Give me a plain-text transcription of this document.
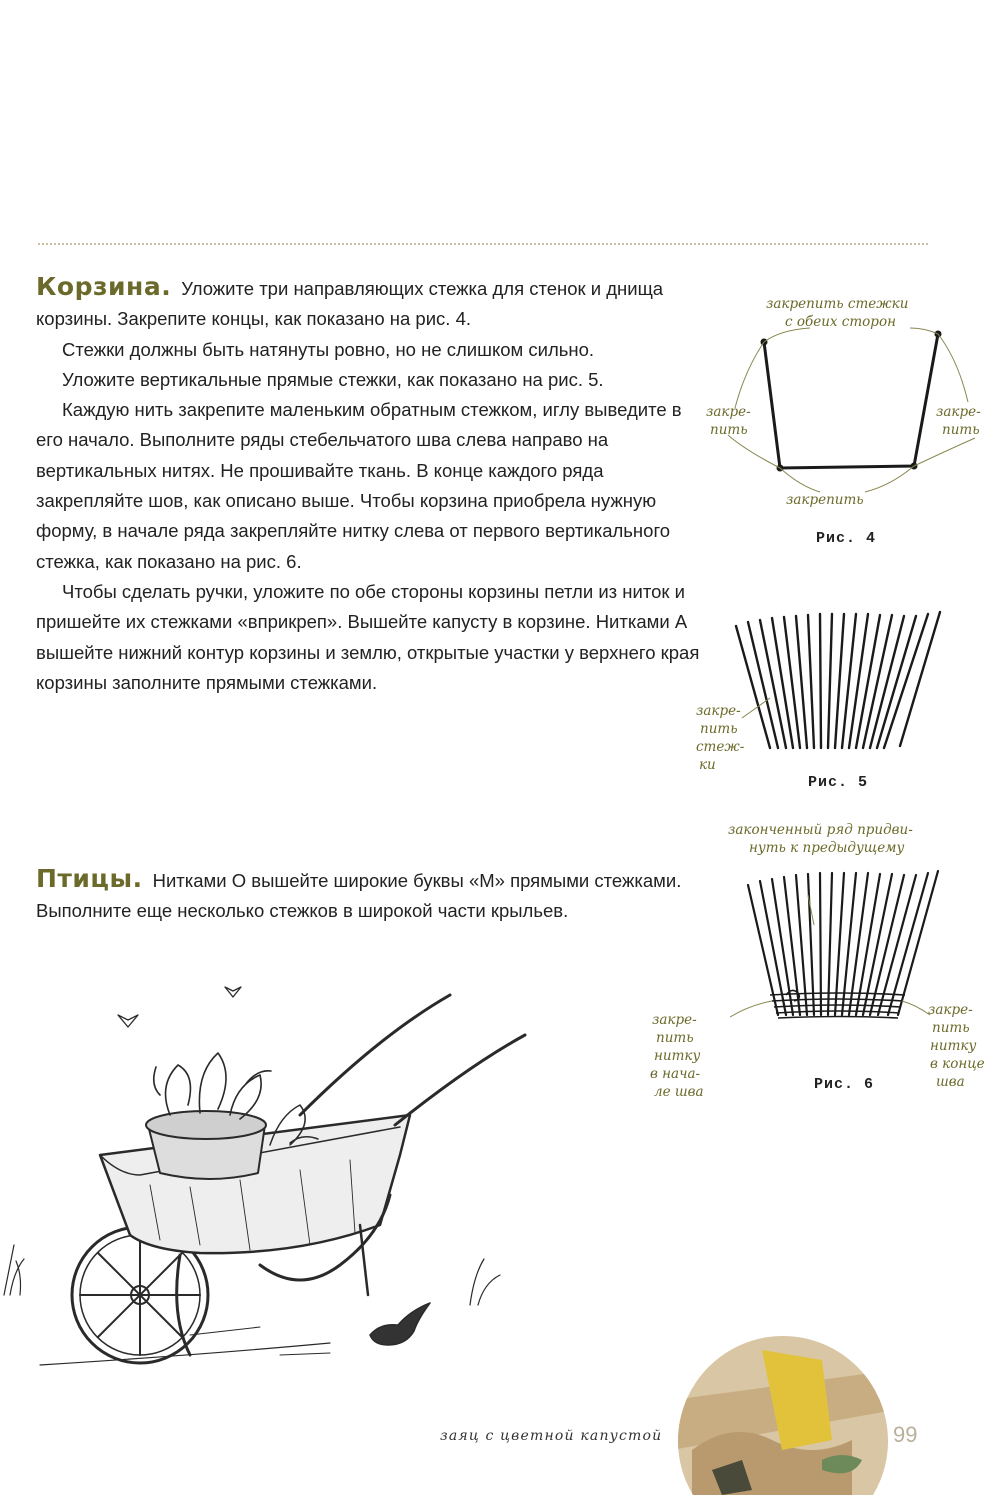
Корзина. Уложите три направляющих стежка для стенок и днища корзины. Закрепите концы, как показано на рис. 4.

Стежки должны быть натянуты ровно, но не слишком сильно.

Уложите вертикальные прямые стежки, как показано на рис. 5.

Каждую нить закрепите маленьким обратным стежком, иглу выведите в его начало. Выполните ряды стебельчатого шва слева направо на вертикальных нитях. Не прошивайте ткань. В конце каждого ряда закрепляйте шов, как описано выше. Чтобы корзина приобрела нужную форму, в начале ряда закрепляйте нитку слева от первого вертикального стежка, как показано на рис. 6.

Чтобы сделать ручки, уложите по обе стороны корзины петли из ниток и пришейте их стежками «вприкреп». Вышейте капусту в корзине. Нитками А вышейте нижний контур корзины и землю, открытые участки у верхнего края корзины заполните прямыми стежками.

Птицы. Нитками О вышейте широкие буквы «М» прямыми стежками. Выполните еще несколько стежков в широкой части крыльев.

закрепить стежки
с обеих сторон
закре-
пить
закре-
пить
закрепить
Рис. 4
закре-
пить
стеж-
ки
Рис. 5
законченный ряд придви-
нуть к предыдущему
закре-
пить
нитку
в нача-
ле шва
закре-
пить
нитку
в конце
шва
Рис. 6
заяц с цветной капустой	99
